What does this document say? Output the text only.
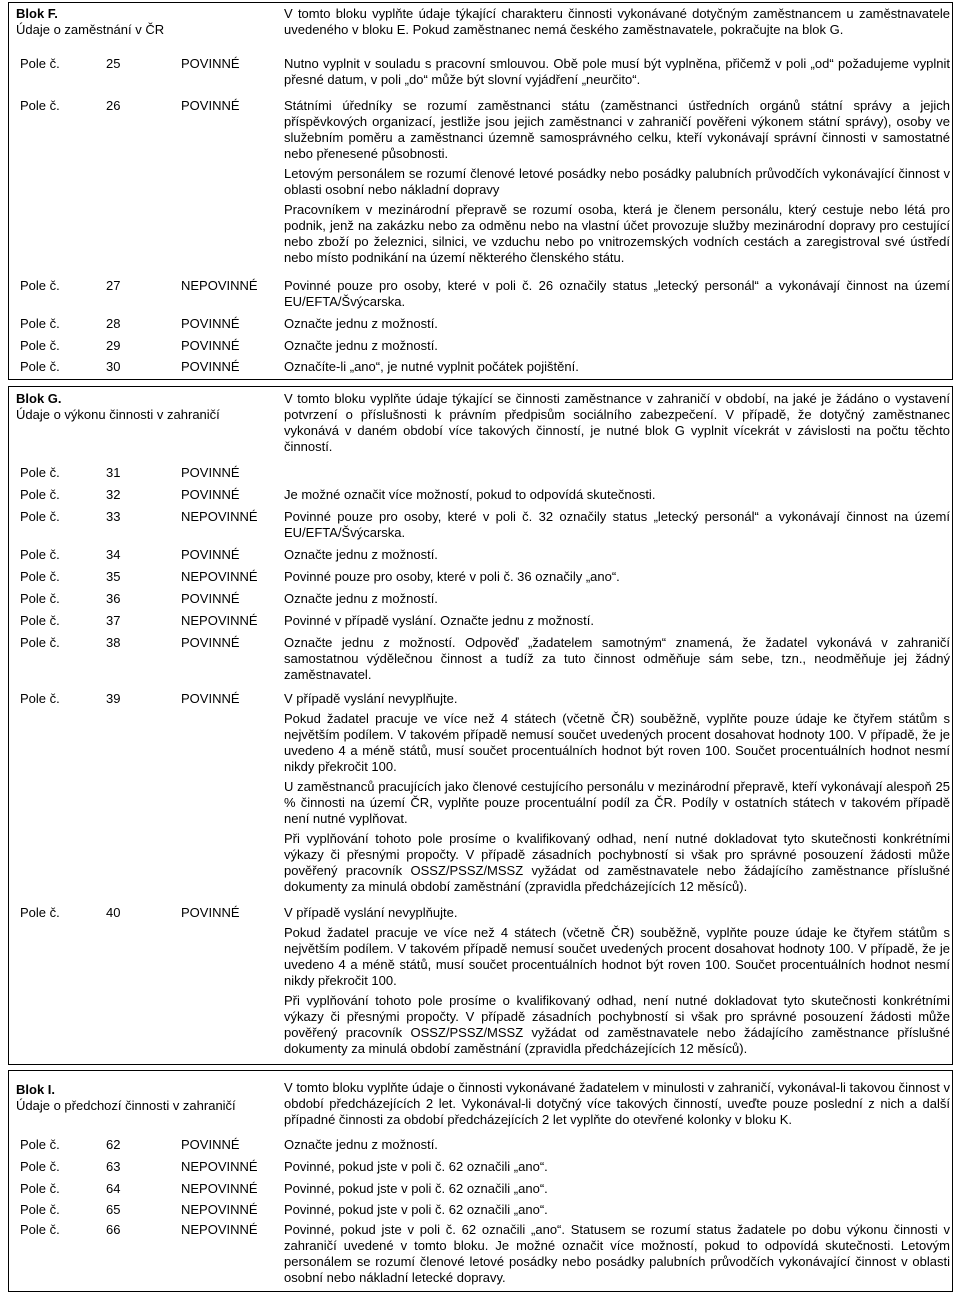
Blok F.
Údaje o zaměstnání v ČR
V tomto bloku vyplňte údaje týkající charakteru činnosti vykonávané dotyčným zaměstnancem u zaměstnavatele uvedeného v bloku E. Pokud zaměstnanec nemá českého zaměstnavatele, pokračujte na blok G.
Pole č.	25	POVINNÉ	Nutno vyplnit v souladu s pracovní smlouvou. Obě pole musí být vyplněna, přičemž v poli „od“ požadujeme vyplnit přesné datum, v poli „do“ může být slovní vyjádření „neurčito“.
Pole č.	26	POVINNÉ	Státními úředníky se rozumí zaměstnanci státu (zaměstnanci ústředních orgánů státní správy a jejich příspěvkových organizací, jestliže jsou jejich zaměstnanci v zahraničí pověřeni výkonem státní správy), osoby ve služebním poměru a zaměstnanci územně samosprávného celku, kteří vykonávají správní činnosti v samostatné nebo přenesené působnosti.
Letovým personálem se rozumí členové letové posádky nebo posádky palubních průvodčích vykonávající činnost v oblasti osobní nebo nákladní dopravy
Pracovníkem v mezinárodní přepravě se rozumí osoba, která je členem personálu, který cestuje nebo létá pro podnik, jenž na zakázku nebo za odměnu nebo na vlastní účet provozuje služby mezinárodní dopravy pro cestující nebo zboží po železnici, silnici, ve vzduchu nebo po vnitrozemských vodních cestách a zaregistroval své ústředí nebo místo podnikání na území některého členského státu.
Pole č.	27	NEPOVINNÉ Povinné pouze pro osoby, které v poli č. 26 označily status „letecký personál“ a vykonávají činnost na území EU/EFTA/Švýcarska.
Pole č.	28	POVINNÉ	Označte jednu z možností.
Pole č.	29	POVINNÉ	Označte jednu z možností.
Pole č.	30	POVINNÉ	Označíte-li „ano“, je nutné vyplnit počátek pojištění.
Blok G.
Údaje o výkonu činnosti v zahraničí
V tomto bloku vyplňte údaje týkající se činnosti zaměstnance v zahraničí v období, na jaké je žádáno o vystavení potvrzení o příslušnosti k právním předpisům sociálního zabezpečení. V případě, že dotyčný zaměstnanec vykonává v daném období více takových činností, je nutné blok G vyplnit vícekrát v závislosti na počtu těchto činností.
Pole č.	31	POVINNÉ
Pole č.	32	POVINNÉ	Je možné označit více možností, pokud to odpovídá skutečnosti.
Pole č.	33	NEPOVINNÉ Povinné pouze pro osoby, které v poli č. 32 označily status „letecký personál“ a vykonávají činnost na území EU/EFTA/Švýcarska.
Pole č.	34	POVINNÉ	Označte jednu z možností.
Pole č.	35	NEPOVINNÉ Povinné pouze pro osoby, které v poli č. 36 označily „ano“.
Pole č.	36	POVINNÉ	Označte jednu z možností.
Pole č.	37	NEPOVINNÉ Povinné v případě vyslání. Označte jednu z možností.
Pole č.	38	POVINNÉ	Označte jednu z možností. Odpověď „žadatelem samotným“ znamená, že žadatel vykonává v zahraničí samostatnou výdělečnou činnost a tudíž za tuto činnost odměňuje sám sebe, tzn., neodměňuje jej žádný zaměstnavatel.
Pole č.	39	POVINNÉ	V případě vyslání nevyplňujte.
Pokud žadatel pracuje ve více než 4 státech (včetně ČR) souběžně, vyplňte pouze údaje ke čtyřem státům s největším podílem. V takovém případě nemusí součet uvedených procent dosahovat hodnoty 100. V případě, že je uvedeno 4 a méně států, musí součet procentuálních hodnot být roven 100. Součet procentuálních hodnot nesmí nikdy překročit 100.
U zaměstnanců pracujících jako členové cestujícího personálu v mezinárodní přepravě, kteří vykonávají alespoň 25 % činnosti na území ČR, vyplňte pouze procentuální podíl za ČR. Podíly v ostatních státech v takovém případě není nutné vyplňovat.
Při vyplňování tohoto pole prosíme o kvalifikovaný odhad, není nutné dokladovat tyto skutečnosti konkrétními výkazy či přesnými propočty. V případě zásadních pochybností si však pro správné posouzení žádosti může pověřený pracovník OSSZ/PSSZ/MSSZ vyžádat od zaměstnavatele nebo žádajícího zaměstnance příslušné dokumenty za minulá období zaměstnání (zpravidla předcházejících 12 měsíců).
Pole č.	40	POVINNÉ	V případě vyslání nevyplňujte.
Pokud žadatel pracuje ve více než 4 státech (včetně ČR) souběžně, vyplňte pouze údaje ke čtyřem státům s největším podílem. V takovém případě nemusí součet uvedených procent dosahovat hodnoty 100. V případě, že je uvedeno 4 a méně států, musí součet procentuálních hodnot být roven 100. Součet procentuálních hodnot nesmí nikdy překročit 100.
Při vyplňování tohoto pole prosíme o kvalifikovaný odhad, není nutné dokladovat tyto skutečnosti konkrétními výkazy či přesnými propočty. V případě zásadních pochybností si však pro správné posouzení žádosti může pověřený pracovník OSSZ/PSSZ/MSSZ vyžádat od zaměstnavatele nebo žádajícího zaměstnance příslušné dokumenty za minulá období zaměstnání (zpravidla předcházejících 12 měsíců).
Blok I.
Údaje o předchozí činnosti v zahraničí
V tomto bloku vyplňte údaje o činnosti vykonávané žadatelem v minulosti v zahraničí, vykonával-li takovou činnost v období předcházejících 2 let. Vykonával-li dotyčný více takových činností, uveďte pouze poslední z nich a další případné činnosti za období předcházejících 2 let vyplňte do otevřené kolonky v bloku K.
Pole č.	62	POVINNÉ	Označte jednu z možností.
Pole č.	63	NEPOVINNÉ Povinné, pokud jste v poli č. 62 označili „ano“.
Pole č.	64	NEPOVINNÉ Povinné, pokud jste v poli č. 62 označili „ano“.
Pole č.	65	NEPOVINNÉ Povinné, pokud jste v poli č. 62 označili „ano“.
Pole č.	66	NEPOVINNÉ Povinné, pokud jste v poli č. 62 označili „ano“. Statusem se rozumí status žadatele po dobu výkonu činnosti v zahraničí uvedené v tomto bloku. Je možné označit více možností, pokud to odpovídá skutečnosti. Letovým personálem se rozumí členové letové posádky nebo posádky palubních průvodčích vykonávající činnost v oblasti osobní nebo nákladní letecké dopravy.
